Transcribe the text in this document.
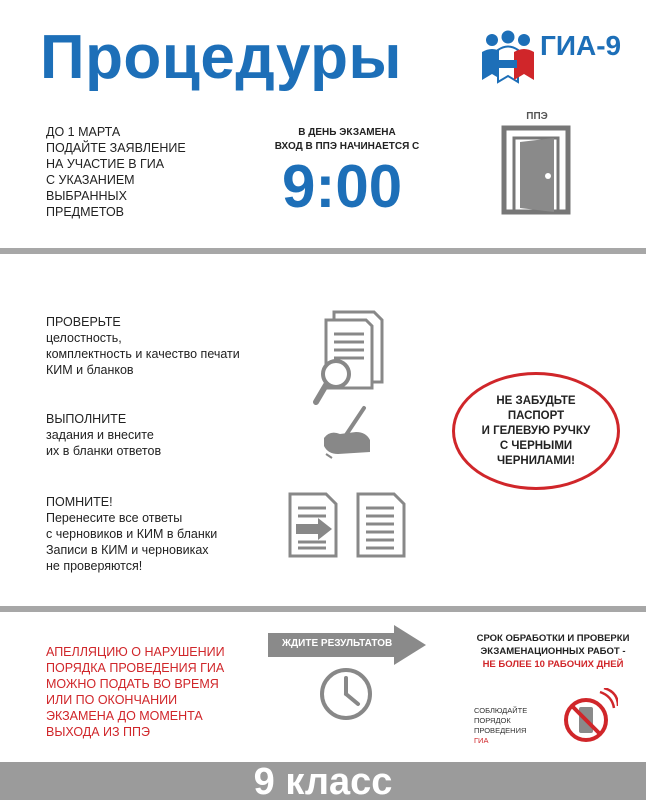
Процедуры	ГИА-9
ДО 1 МАРТА
ПОДАЙТЕ ЗАЯВЛЕНИЕ
НА УЧАСТИЕ В ГИА
С УКАЗАНИЕМ
ВЫБРАННЫХ
ПРЕДМЕТОВ
В ДЕНЬ ЭКЗАМЕНА
ВХОД В ППЭ НАЧИНАЕТСЯ С
9:00
ППЭ
ПРОВЕРЬТЕ
целостность,
комплектность и качество печати
КИМ и бланков
ВЫПОЛНИТЕ
задания и внесите
их в бланки ответов
ПОМНИТЕ!
Перенесите все ответы
с черновиков и КИМ в бланки
Записи в КИМ и черновиках
не проверяются!
НЕ ЗАБУДЬТЕ
ПАСПОРТ
И ГЕЛЕВУЮ РУЧКУ
С ЧЕРНЫМИ
ЧЕРНИЛАМИ!
АПЕЛЛЯЦИЮ О НАРУШЕНИИ
ПОРЯДКА ПРОВЕДЕНИЯ ГИА
МОЖНО ПОДАТЬ ВО ВРЕМЯ
ИЛИ ПО ОКОНЧАНИИ
ЭКЗАМЕНА ДО МОМЕНТА
ВЫХОДА ИЗ ППЭ
ЖДИТЕ РЕЗУЛЬТАТОВ	СРОК ОБРАБОТКИ И ПРОВЕРКИ
ЭКЗАМЕНАЦИОННЫХ РАБОТ -
НЕ БОЛЕЕ 10 РАБОЧИХ ДНЕЙ
СОБЛЮДАЙТЕ
ПОРЯДОК
ПРОВЕДЕНИЯ
ГИА
9 класс
